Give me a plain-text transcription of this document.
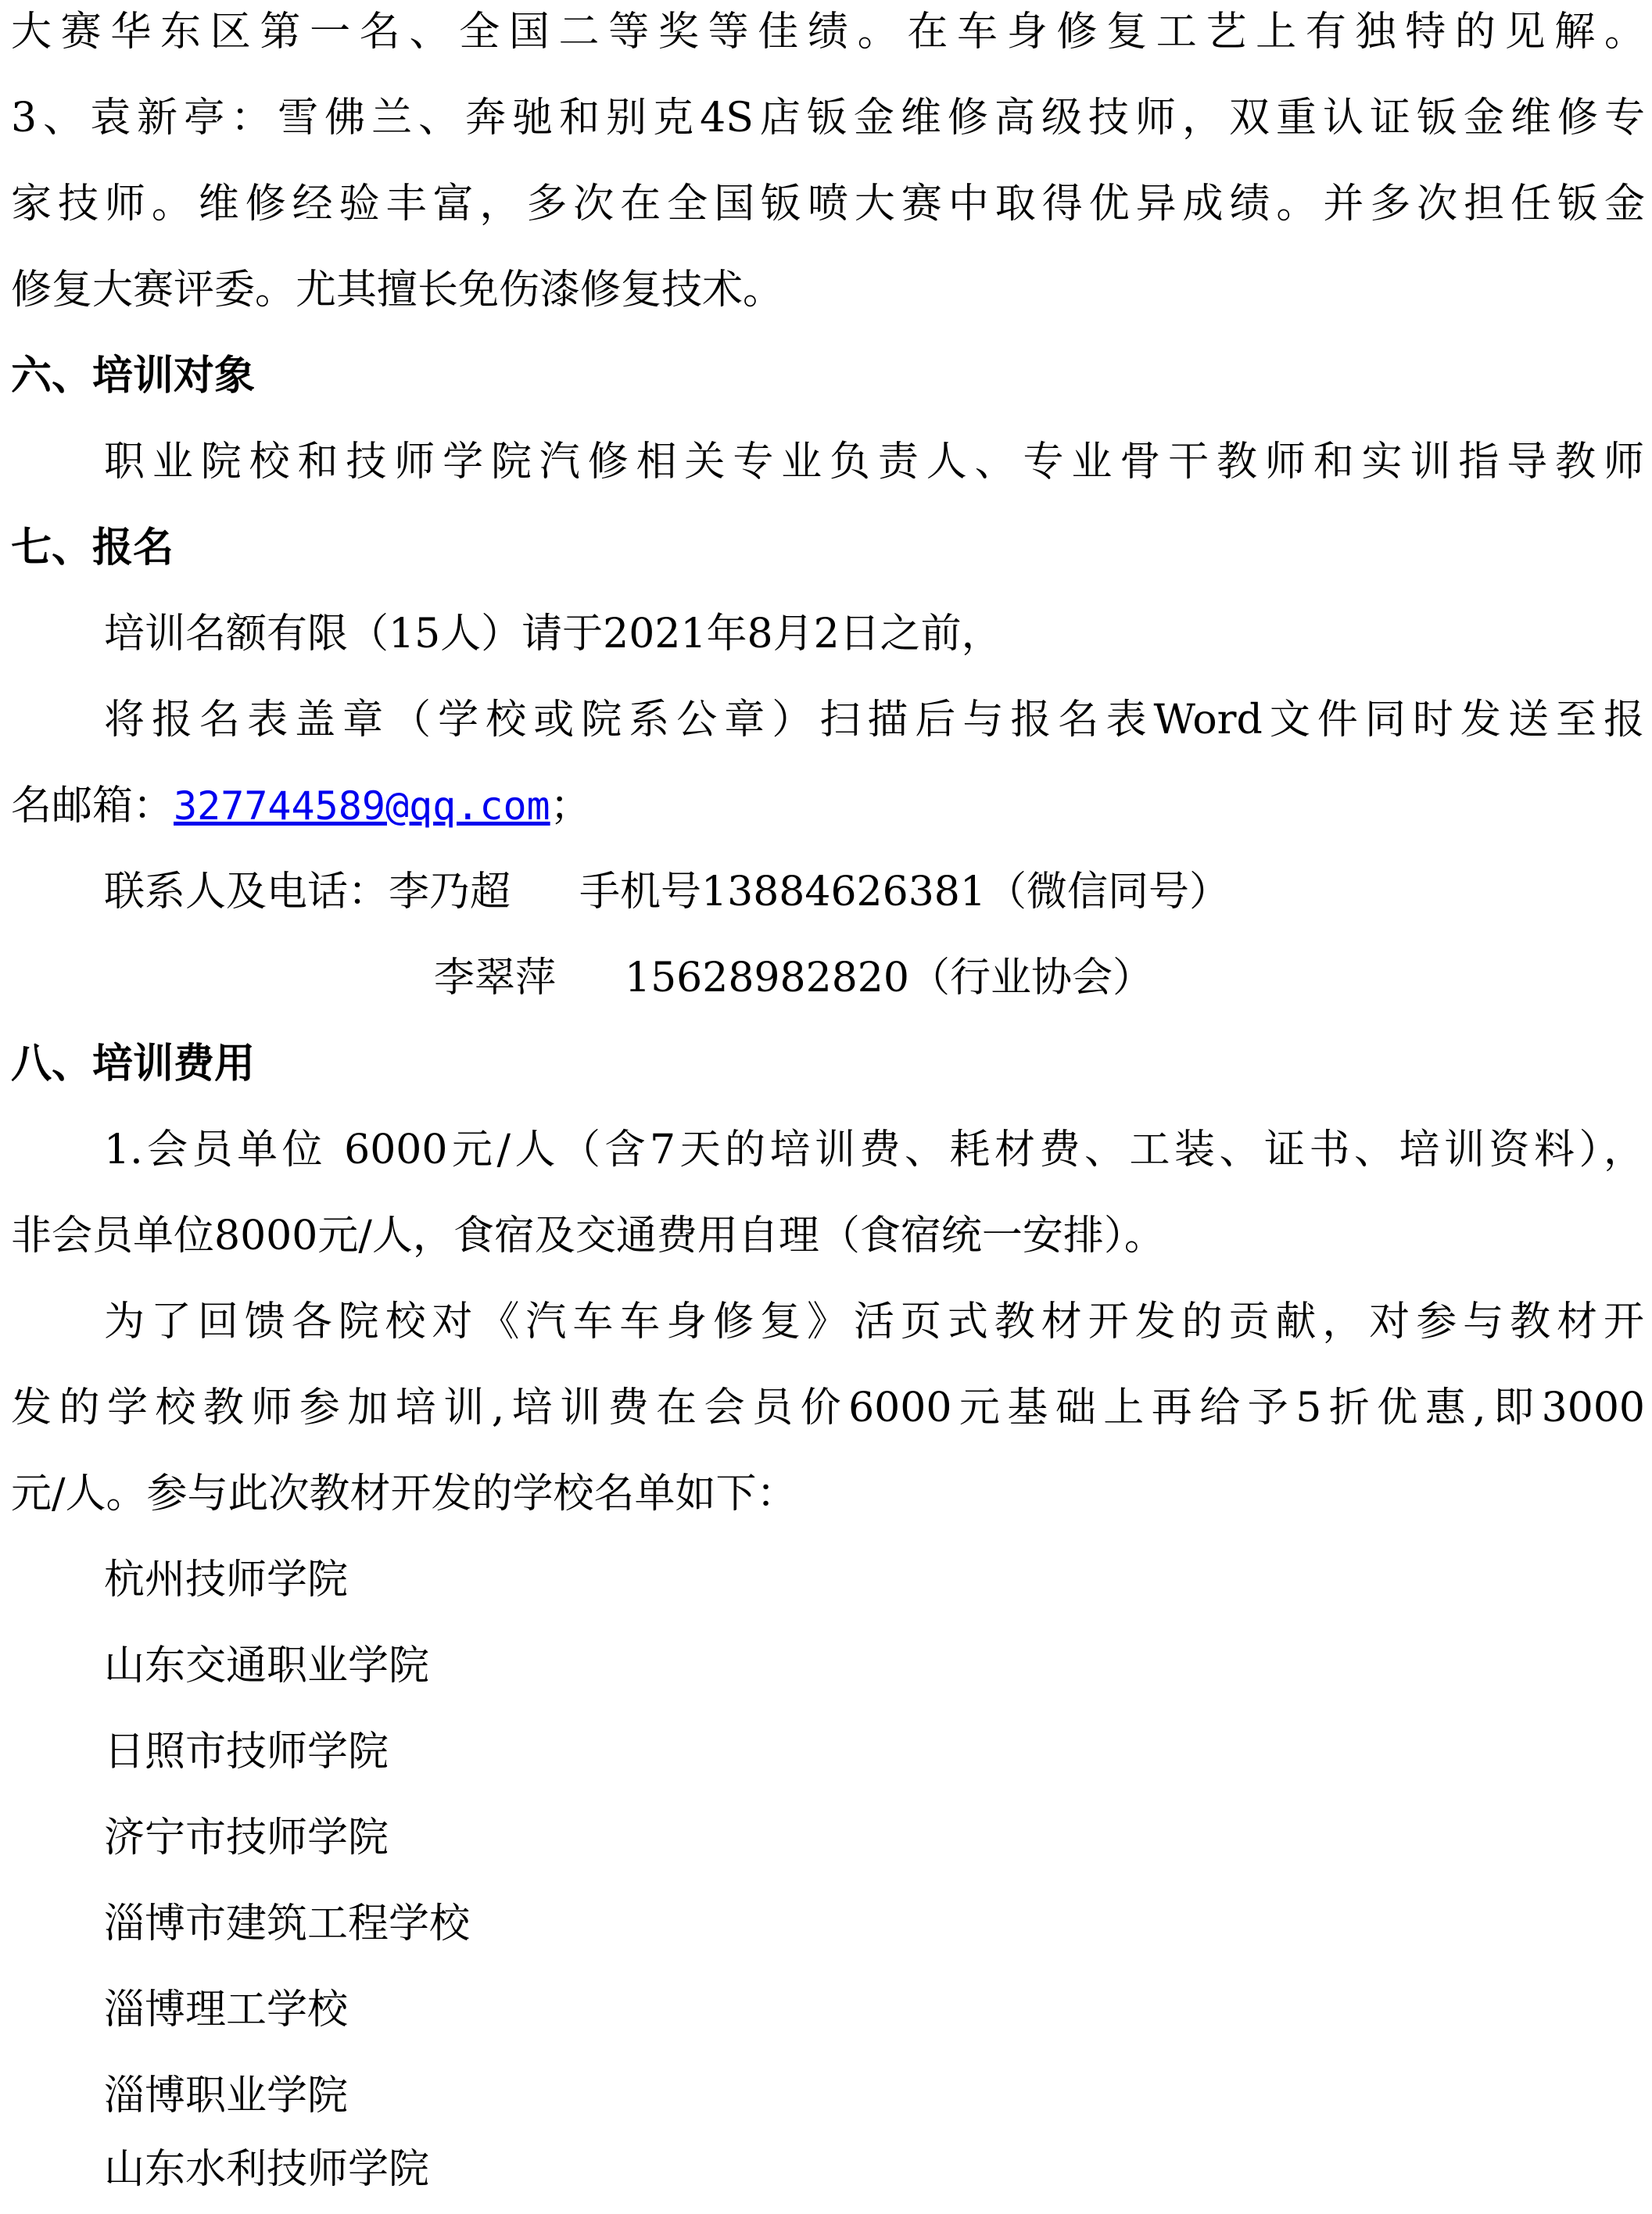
大赛华东区第一名、全国二等奖等佳绩。在车身修复工艺上有独特的见解。
3、袁新亭：雪佛兰、奔驰和别克4S店钣金维修高级技师，双重认证钣金维修专
家技师。维修经验丰富，多次在全国钣喷大赛中取得优异成绩。并多次担任钣金
修复大赛评委。尤其擅长免伤漆修复技术。
六、培训对象
职业院校和技师学院汽修相关专业负责人、专业骨干教师和实训指导教师
七、报名
培训名额有限（15人）请于2021年8月2日之前，
将报名表盖章（学校或院系公章）扫描后与报名表Word文件同时发送至报
名邮箱：327744589@qq.com；
联系人及电话：李乃超 手机号13884626381（微信同号）
李翠萍 15628982820（行业协会）
八、培训费用
1.会员单位 6000元/人（含7天的培训费、耗材费、工装、证书、培训资料），
非会员单位8000元/人，食宿及交通费用自理（食宿统一安排）。
为了回馈各院校对《汽车车身修复》活页式教材开发的贡献，对参与教材开
发的学校教师参加培训,培训费在会员价6000元基础上再给予5折优惠,即3000
元/人。参与此次教材开发的学校名单如下：
杭州技师学院
山东交通职业学院
日照市技师学院
济宁市技师学院
淄博市建筑工程学校
淄博理工学校
淄博职业学院
山东水利技师学院
